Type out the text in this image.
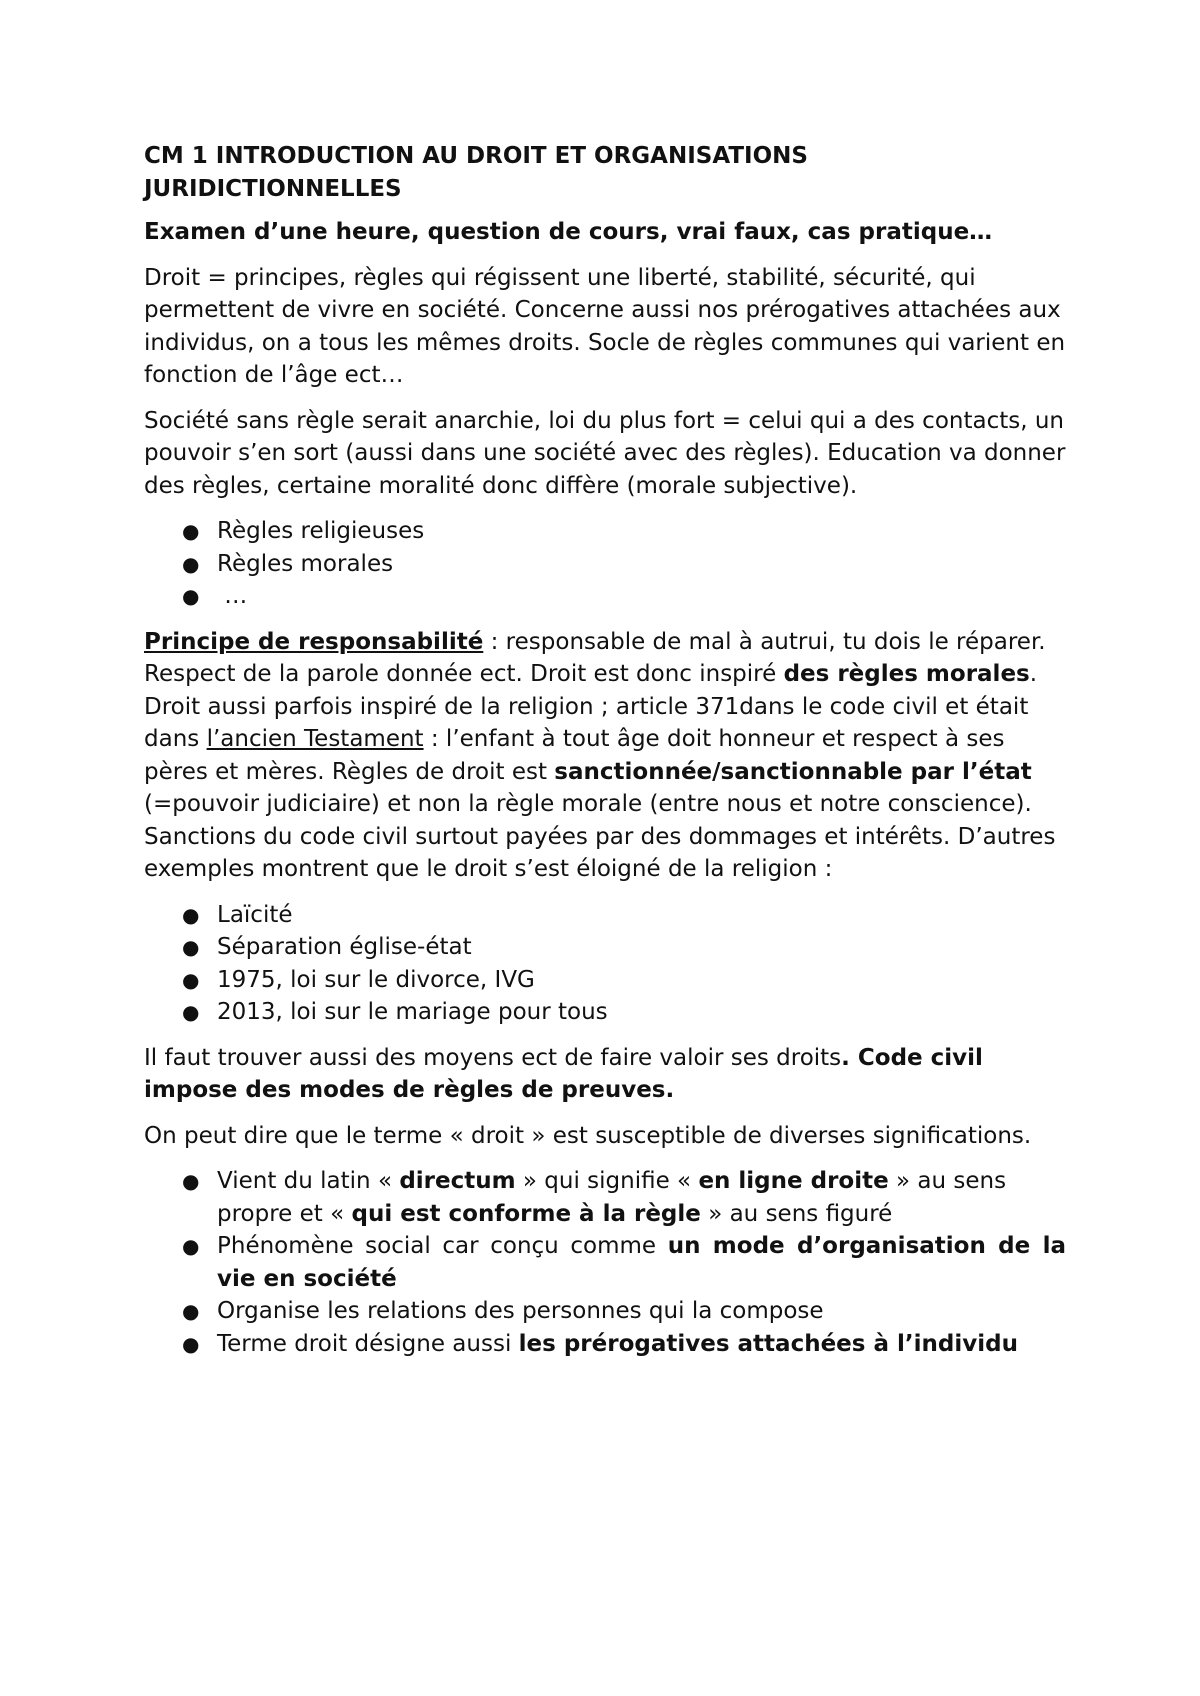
CM 1 INTRODUCTION AU DROIT ET ORGANISATIONS JURIDICTIONNELLES
Examen d’une heure, question de cours, vrai faux, cas pratique…
Droit = principes, règles qui régissent une liberté, stabilité, sécurité, qui permettent de vivre en société. Concerne aussi nos prérogatives attachées aux individus, on a tous les mêmes droits. Socle de règles communes qui varient en fonction de l’âge ect…
Société sans règle serait anarchie, loi du plus fort = celui qui a des contacts, un pouvoir s’en sort (aussi dans une société avec des règles). Education va donner des règles, certaine moralité donc diffère (morale subjective).
● Règles religieuses
● Règles morales
● …
Principe de responsabilité : responsable de mal à autrui, tu dois le réparer. Respect de la parole donnée ect. Droit est donc inspiré des règles morales. Droit aussi parfois inspiré de la religion ; article 371dans le code civil et était dans l’ancien Testament : l’enfant à tout âge doit honneur et respect à ses pères et mères. Règles de droit est sanctionnée/sanctionnable par l’état (=pouvoir judiciaire) et non la règle morale (entre nous et notre conscience). Sanctions du code civil surtout payées par des dommages et intérêts. D’autres exemples montrent que le droit s’est éloigné de la religion :
● Laïcité
● Séparation église-état
● 1975, loi sur le divorce, IVG
● 2013, loi sur le mariage pour tous
Il faut trouver aussi des moyens ect de faire valoir ses droits. Code civil impose des modes de règles de preuves.
On peut dire que le terme « droit » est susceptible de diverses significations.
● Vient du latin « directum » qui signifie « en ligne droite » au sens propre et « qui est conforme à la règle » au sens figuré
● Phénomène social car conçu comme un mode d’organisation de la vie en société
● Organise les relations des personnes qui la compose
● Terme droit désigne aussi les prérogatives attachées à l’individu
